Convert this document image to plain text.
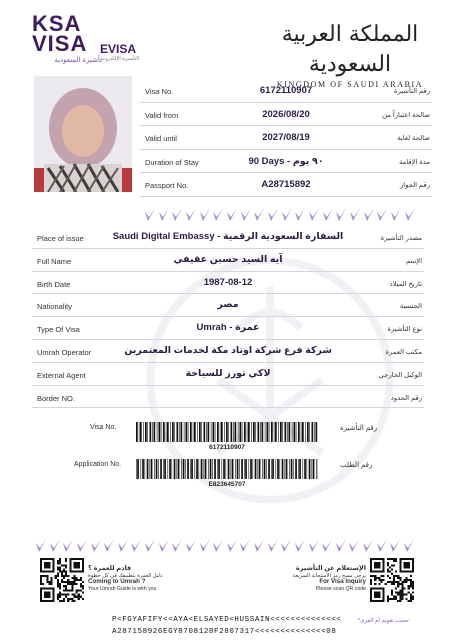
KSA
VISA
تأشيرة السعودية
EVISA
التأشيرة الإلكترونية
المملكة العربية السعودية
KINGDOM OF SAUDI ARABIA
Visa No.	6172110907	رقم التأشيرة
Valid from	2026/08/20	صالحة اعتباراً من
Valid until	2027/08/19	صالحة لغاية
Duration of Stay	90 Days - ٩٠ يوم	مدة الإقامة
Passport No.	A28715892	رقم الجواز
Place of issue	Saudi Digital Embassy - السفارة السعودية الرقمية	مصدر التأشيرة
Full Name	آيه السيد حسين عقيفي	الإسم
Birth Date	1987-08-12	تاريخ الميلاد
Nationality	مصر	الجنسية
Type Of Visa	Umrah - عمرة	نوع التأشيرة
Umrah Operator	شركة فرع شركة اوتاد مكة لخدمات المعتمرين	مكتب العمرة
External Agent	لاكي تورز للسياحة	الوكيل الخارجي
Border NO.	رقم الحدود
Visa No.
6172110907
رقم التأشيرة
Application No.
E823645707
رقم الطلب
قادم للعمرة ؟
دليل العمرة بتطبيقك في كل خطوة
Coming to Umrah ?
Your Umrah Guide is with you
الإستعلام عن التأشيرة
يرجى مسح رمز الاستجابة السريعة
For Visa Inquiry
Please scan QR code
P<FGYAFIFY<<AYA<ELSAYED<HUSSAIN<<<<<<<<<<<<<<
A287158926EGY8708128F2807317<<<<<<<<<<<<<<08
*حسب تقويم أم القرى
